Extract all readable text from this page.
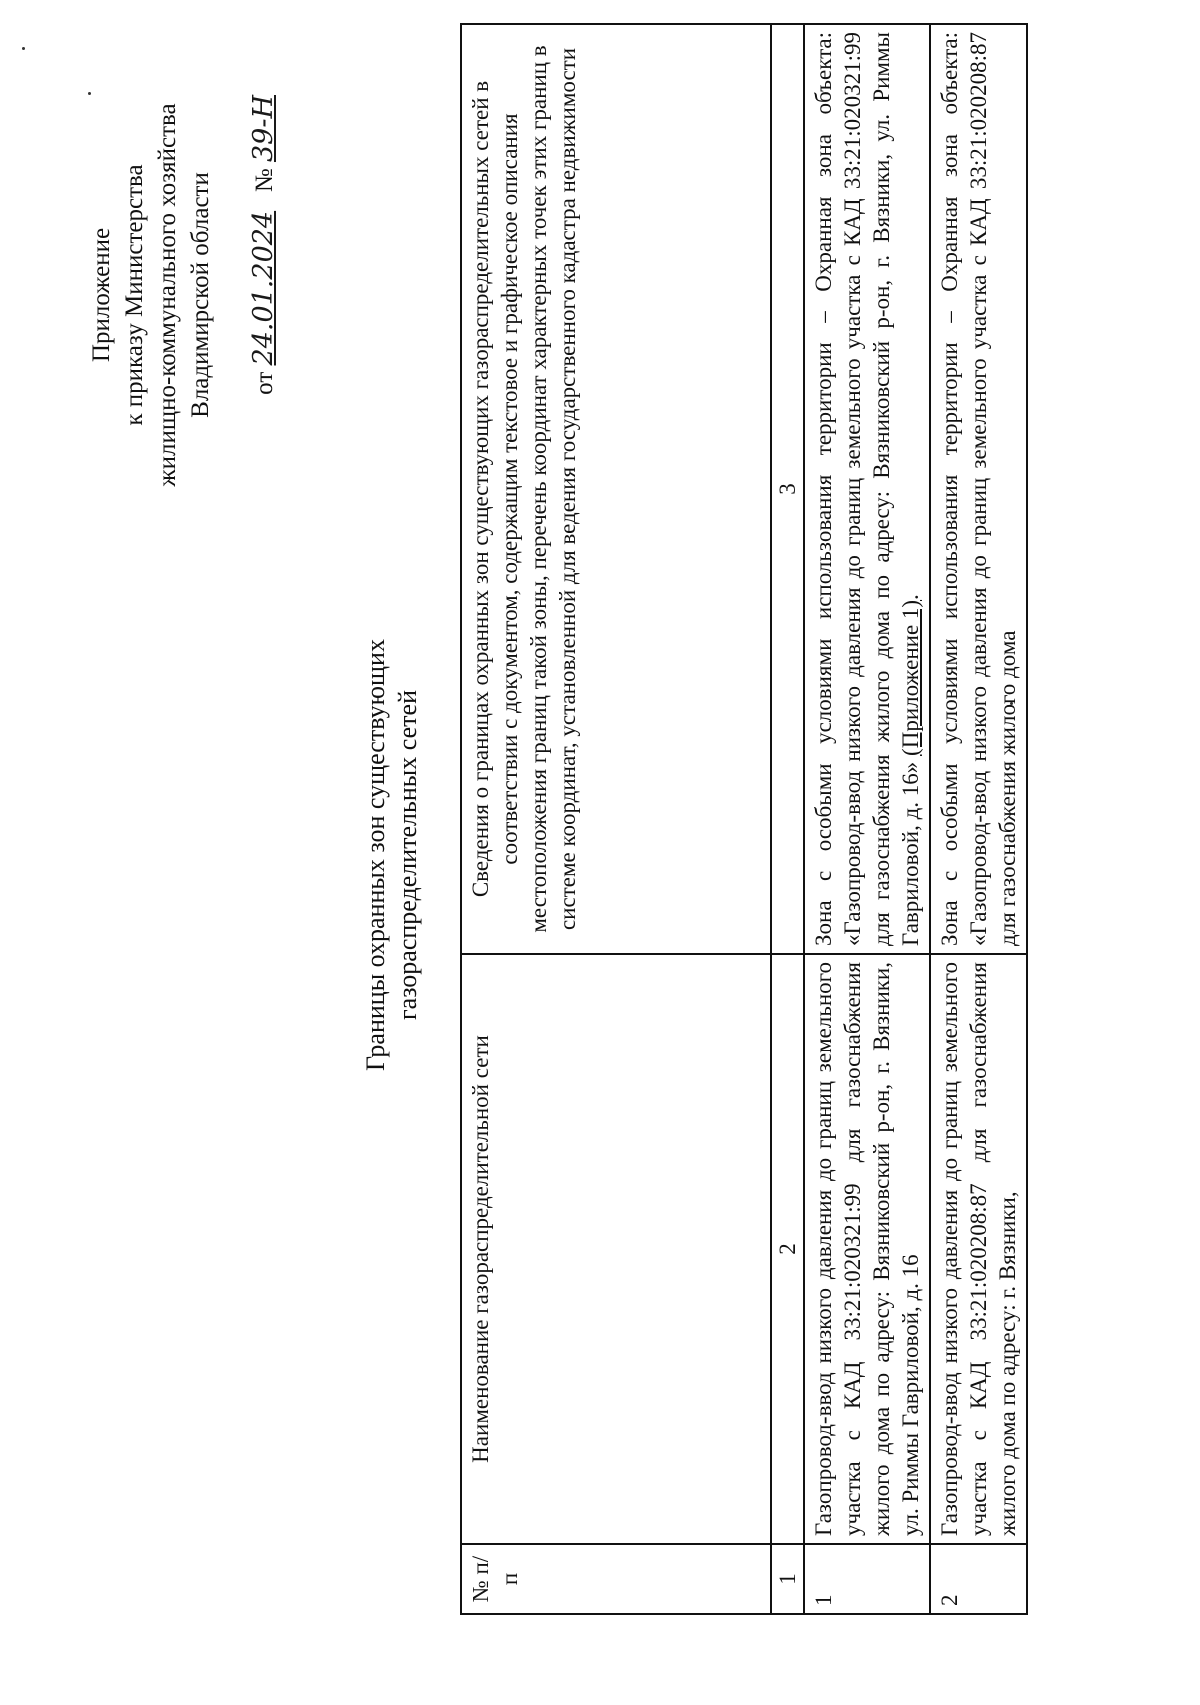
Приложение к приказу Министерства жилищно-коммунального хозяйства Владимирской области от 24.01.2024   № 39-Н
Границы охранных зон существующих газораспределительных сетей
№ п/п	Наименование газораспределительной сети	Сведения о границах охранных зон существующих газораспределительных сетей в соответствии с документом, содержащим текстовое и графическое описания местоположения границ такой зоны, перечень координат характерных точек этих границ в системе координат, установленной для ведения государственного кадастра недвижимости
1	2	3
1	Газопровод-ввод низкого давления до границ земельного участка с КАД 33:21:020321:99 для газоснабжения жилого дома по адресу: Вязниковский р-он, г. Вязники, ул. Риммы Гавриловой, д. 16	Зона с особыми условиями использования территории – Охранная зона объекта: «Газопровод-ввод низкого давления до границ земельного участка с КАД 33:21:020321:99 для газоснабжения жилого дома по адресу: Вязниковский р-он, г. Вязники, ул. Риммы Гавриловой, д. 16» (Приложение 1).
2	Газопровод-ввод низкого давления до границ земельного участка с КАД 33:21:020208:87 для газоснабжения жилого дома по адресу: г. Вязники,	Зона с особыми условиями использования территории – Охранная зона объекта: «Газопровод-ввод низкого давления до границ земельного участка с КАД 33:21:020208:87 для газоснабжения жилого дома
